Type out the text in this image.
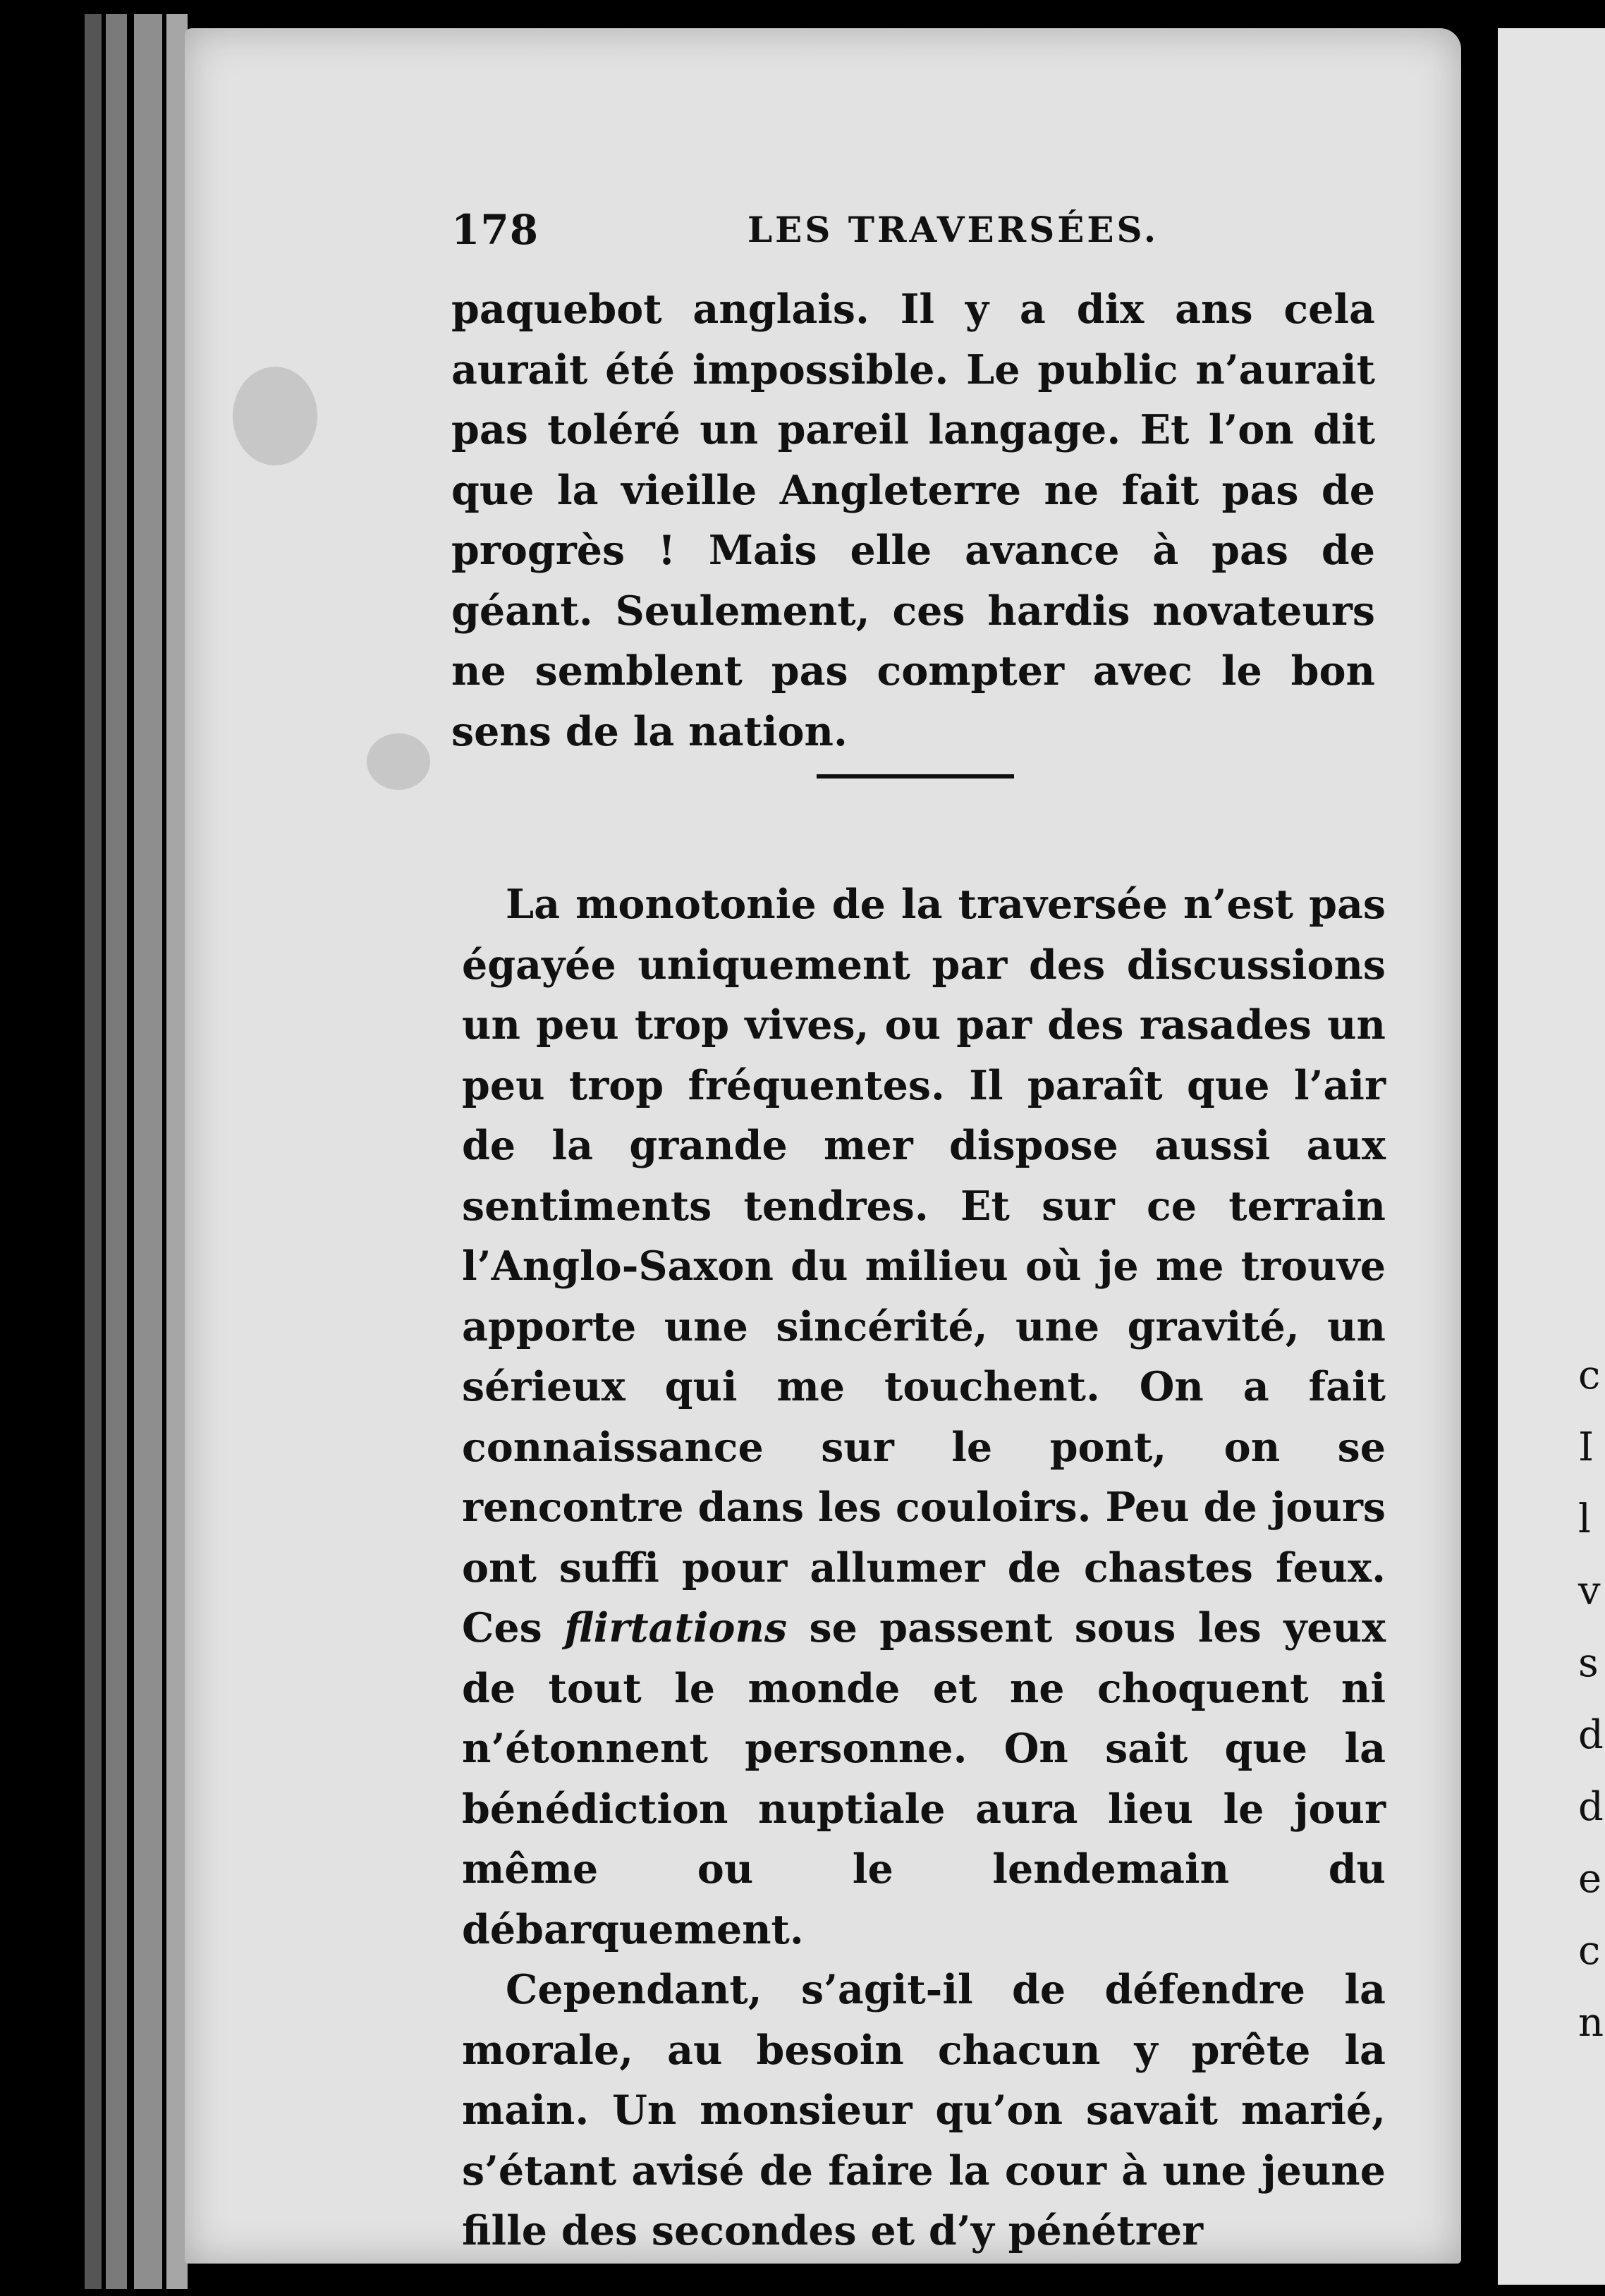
c
I
l
v
s
d
d
e
c
n
178	LES TRAVERSÉES.

paquebot anglais. Il y a dix ans cela aurait été impossible. Le public n’aurait pas toléré un pareil langage. Et l’on dit que la vieille Angleterre ne fait pas de progrès ! Mais elle avance à pas de géant. Seulement, ces hardis novateurs ne semblent pas compter avec le bon sens de la nation.

La monotonie de la traversée n’est pas égayée uniquement par des discussions un peu trop vives, ou par des rasades un peu trop fréquentes. Il paraît que l’air de la grande mer dispose aussi aux sentiments tendres. Et sur ce terrain l’Anglo-Saxon du milieu où je me trouve apporte une sincérité, une gravité, un sérieux qui me touchent. On a fait connaissance sur le pont, on se rencontre dans les couloirs. Peu de jours ont suffi pour allumer de chastes feux. Ces flirtations se passent sous les yeux de tout le monde et ne choquent ni n’étonnent personne. On sait que la bénédiction nuptiale aura lieu le jour même ou le lendemain du débarquement.

Cependant, s’agit-il de défendre la morale, au besoin chacun y prête la main. Un monsieur qu’on savait marié, s’étant avisé de faire la cour à une jeune fille des secondes et d’y pénétrer
